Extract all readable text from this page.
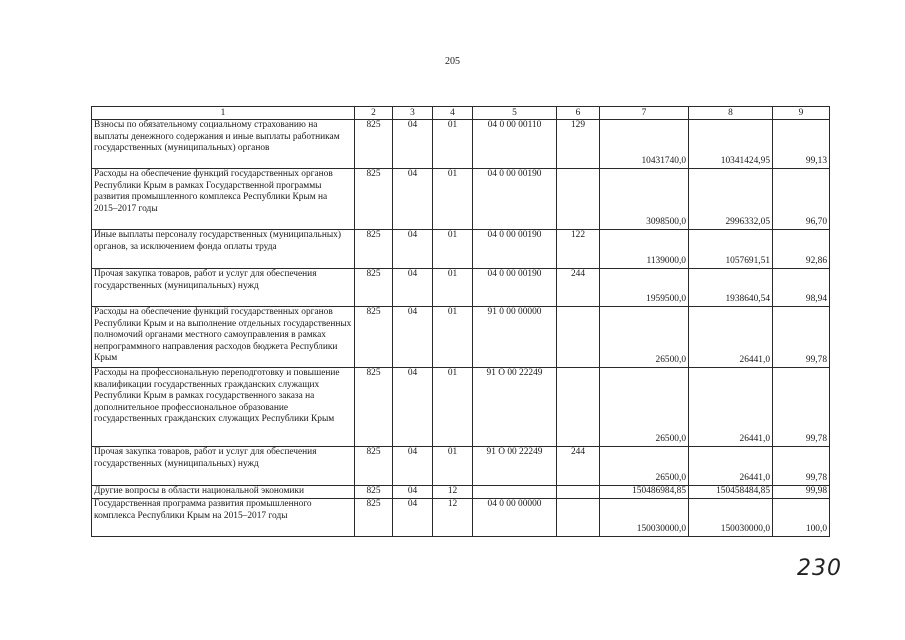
205
1	2	3	4	5	6	7	8	9
Взносы по обязательному социальному страхованию на выплаты денежного содержания и иные выплаты работникам государственных (муниципальных) органов	825	04	01	04 0 00 00110	129	10431740,0	10341424,95	99,13
Расходы на обеспечение функций государственных органов Республики Крым в рамках Государственной программы развития промышленного комплекса Республики Крым на 2015–2017 годы	825	04	01	04 0 00 00190		3098500,0	2996332,05	96,70
Иные выплаты персоналу государственных (муниципальных) органов, за исключением фонда оплаты труда	825	04	01	04 0 00 00190	122	1139000,0	1057691,51	92,86
Прочая закупка товаров, работ и услуг для обеспечения государственных (муниципальных) нужд	825	04	01	04 0 00 00190	244	1959500,0	1938640,54	98,94
Расходы на обеспечение функций государственных органов Республики Крым и на выполнение отдельных государственных полномочий органами местного самоуправления в рамках непрограммного направления расходов бюджета Республики Крым	825	04	01	91 0 00 00000		26500,0	26441,0	99,78
Расходы на профессиональную переподготовку и повышение квалификации государственных гражданских служащих Республики Крым в рамках государственного заказа на дополнительное профессиональное образование государственных гражданских служащих Республики Крым	825	04	01	91 О 00 22249		26500,0	26441,0	99,78
Прочая закупка товаров, работ и услуг для обеспечения государственных (муниципальных) нужд	825	04	01	91 О 00 22249	244	26500,0	26441,0	99,78
Другие вопросы в области национальной экономики	825	04	12			150486984,85	150458484,85	99,98
Государственная программа развития промышленного комплекса Республики Крым на 2015–2017 годы	825	04	12	04 0 00 00000		150030000,0	150030000,0	100,0
230
